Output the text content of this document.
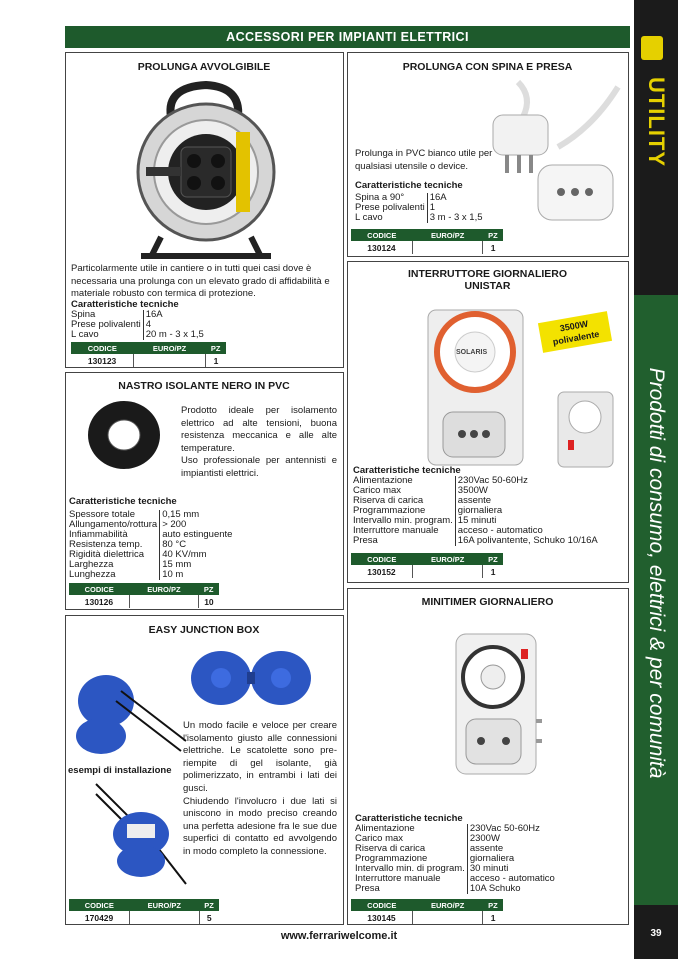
ACCESSORI PER IMPIANTI ELETTRICI
UTILITY
Prodotti di consumo, elettrici & per comunità
39
PROLUNGA AVVOLGIBILE
Particolarmente utile in cantiere o in tutti quei casi dove è necessaria una prolunga con un elevato grado di affidabilità e materiale robusto con termica di protezione.
Caratteristiche tecniche
Spina	16A
Prese polivalenti	4
L cavo	20 m - 3 x 1,5
CODICE	EURO/PZ	PZ
130123		1
PROLUNGA CON SPINA E PRESA
Prolunga in PVC bianco utile per qualsiasi utensile o device.
Caratteristiche tecniche
Spina a 90°	16A
Prese polivalenti	1
L cavo	3 m - 3 x 1,5
CODICE	EURO/PZ	PZ
130124		1
INTERRUTTORE GIORNALIERO
UNISTAR
SOLARIS
3500W polivalente
Caratteristiche tecniche
Alimentazione	230Vac 50-60Hz
Carico max	3500W
Riserva di carica	assente
Programmazione	giornaliera
Intervallo min. program.	15 minuti
Interruttore manuale	acceso - automatico
Presa	16A polivantente, Schuko 10/16A
CODICE	EURO/PZ	PZ
130152		1
NASTRO ISOLANTE NERO IN PVC
Prodotto ideale per isolamento elettrico ad alte tensioni, buona resistenza meccanica e alle alte temperature.
Uso professionale per antennisti e impiantisti elettrici.
Caratteristiche tecniche
Spessore totale	0,15 mm
Allungamento/rottura	> 200
Infiammabilità	auto estinguente
Resistenza temp.	80 °C
Rigidità dielettrica	40 KV/mm
Larghezza	15 mm
Lunghezza	10 m
CODICE	EURO/PZ	PZ
130126		10
EASY JUNCTION BOX
esempi di installazione
Un modo facile e veloce per creare l'isolamento giusto alle connessioni elettriche. Le scatolette sono pre-riempite di gel isolante, già polimerizzato, in entrambi i lati dei gusci.
Chiudendo l'involucro i due lati si uniscono in modo preciso creando una perfetta adesione fra le sue due superfici di contatto ed avvolgendo in modo completo la connessione.
CODICE	EURO/PZ	PZ
170429		5
MINITIMER GIORNALIERO
Caratteristiche tecniche
Alimentazione	230Vac 50-60Hz
Carico max	2300W
Riserva di carica	assente
Programmazione	giornaliera
Intervallo min. di program.	30 minuti
Interruttore manuale	acceso - automatico
Presa	10A Schuko
CODICE	EURO/PZ	PZ
130145		1
www.ferrariwelcome.it
